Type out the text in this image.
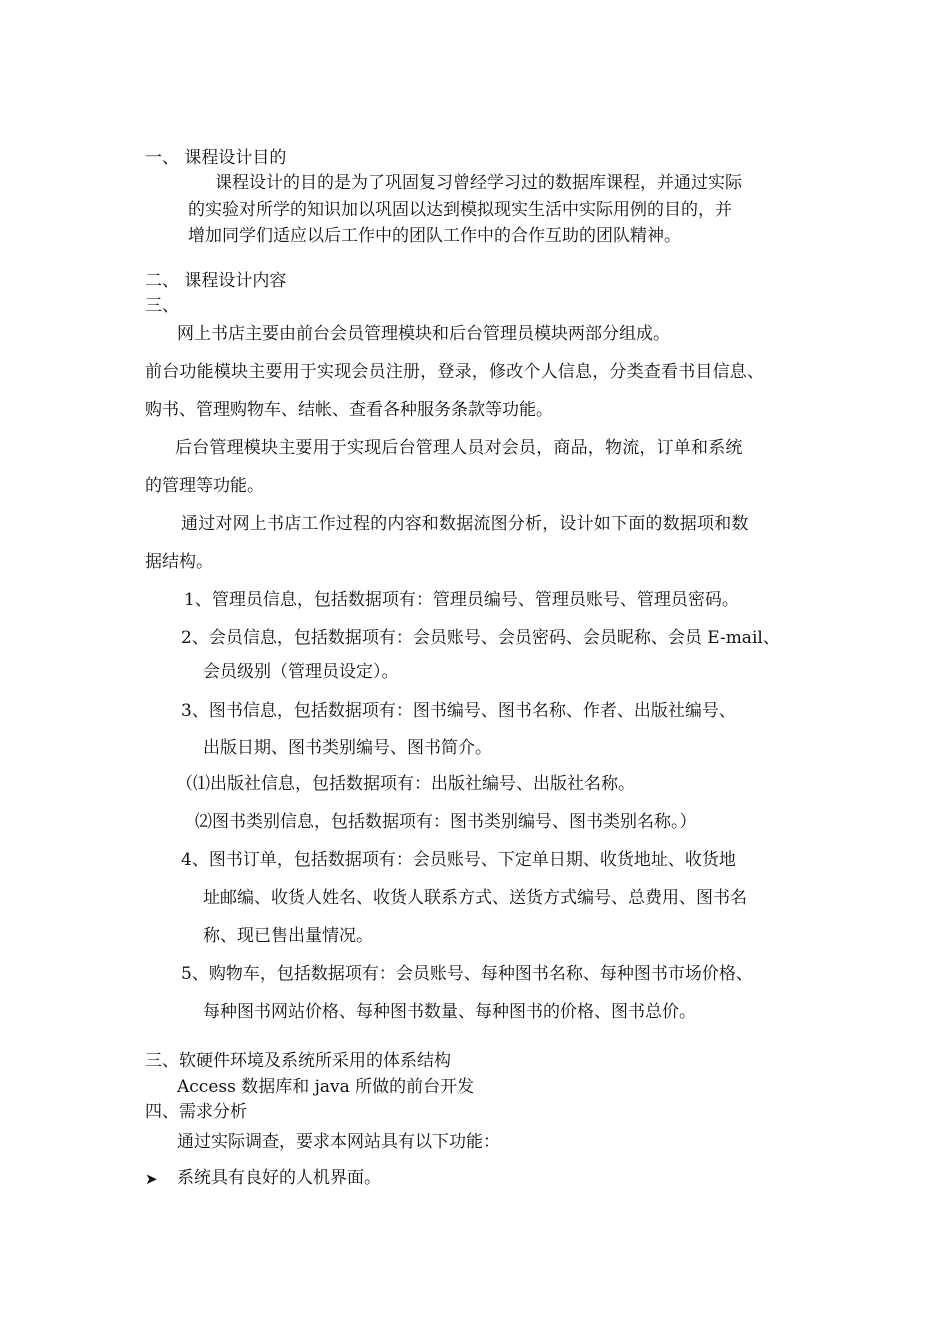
一、 课程设计目的
课程设计的目的是为了巩固复习曾经学习过的数据库课程，并通过实际
的实验对所学的知识加以巩固以达到模拟现实生活中实际用例的目的，并
增加同学们适应以后工作中的团队工作中的合作互助的团队精神。
二、 课程设计内容
三、
网上书店主要由前台会员管理模块和后台管理员模块两部分组成。
前台功能模块主要用于实现会员注册，登录，修改个人信息，分类查看书目信息、
购书、管理购物车、结帐、查看各种服务条款等功能。
后台管理模块主要用于实现后台管理人员对会员，商品，物流，订单和系统
的管理等功能。
通过对网上书店工作过程的内容和数据流图分析，设计如下面的数据项和数
据结构。
1、管理员信息，包括数据项有：管理员编号、管理员账号、管理员密码。
2、会员信息，包括数据项有：会员账号、会员密码、会员昵称、会员 E-mail、
会员级别（管理员设定）。
3、图书信息，包括数据项有：图书编号、图书名称、作者、出版社编号、
出版日期、图书类别编号、图书简介。
（⑴出版社信息，包括数据项有：出版社编号、出版社名称。
⑵图书类别信息，包括数据项有：图书类别编号、图书类别名称。）
4、图书订单，包括数据项有：会员账号、下定单日期、收货地址、收货地
址邮编、收货人姓名、收货人联系方式、送货方式编号、总费用、图书名
称、现已售出量情况。
5、购物车，包括数据项有：会员账号、每种图书名称、每种图书市场价格、
每种图书网站价格、每种图书数量、每种图书的价格、图书总价。
三、软硬件环境及系统所采用的体系结构
Access 数据库和 java 所做的前台开发
四、需求分析
通过实际调查，要求本网站具有以下功能：
➤ 系统具有良好的人机界面。
